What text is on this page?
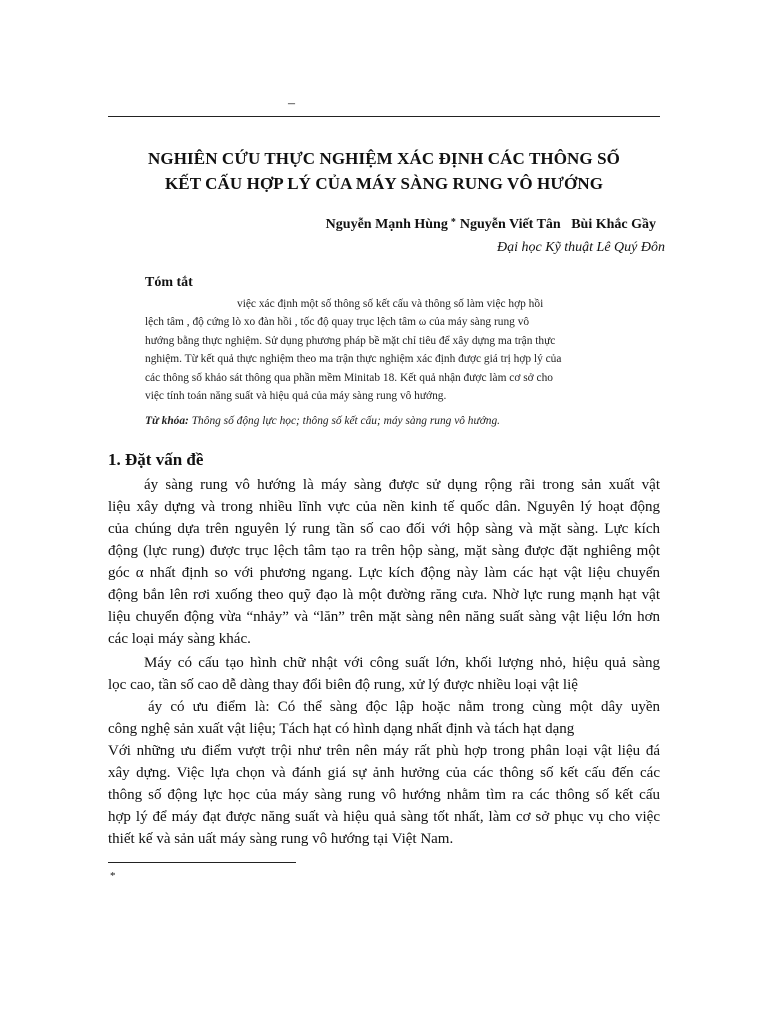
–
NGHIÊN CỨU THỰC NGHIỆM XÁC ĐỊNH CÁC THÔNG SỐ
KẾT CẤU HỢP LÝ CỦA MÁY SÀNG RUNG VÔ HƯỚNG

Nguyễn Mạnh Hùng * Nguyễn Viết Tân Bùi Khắc Gầy

Đại học Kỹ thuật Lê Quý Đôn

Tóm tắt

việc xác định một số thông số kết cấu và thông số làm việc hợp hồi
lệch tâm , độ cứng lò xo đàn hồi , tốc độ quay trục lệch tâm ω của máy sàng rung vô
hướng bằng thực nghiệm. Sử dụng phương pháp bề mặt chỉ tiêu để xây dựng ma trận thực
nghiệm. Từ kết quả thực nghiệm theo ma trận thực nghiệm xác định được giá trị hợp lý của
các thông số khảo sát thông qua phần mềm Minitab 18. Kết quả nhận được làm cơ sở cho
việc tính toán năng suất và hiệu quả của máy sàng rung vô hướng.

Từ khóa: Thông số động lực học; thông số kết cấu; máy sàng rung vô hướng.

1. Đặt vấn đề
áy sàng rung vô hướng là máy sàng được sử dụng rộng rãi trong sản xuất vật
liệu xây dựng và trong nhiều lĩnh vực của nền kinh tế quốc dân. Nguyên lý hoạt động
của chúng dựa trên nguyên lý rung tần số cao đối với hộp sàng và mặt sàng. Lực kích
động (lực rung) được trục lệch tâm tạo ra trên hộp sàng, mặt sàng được đặt nghiêng một
góc α nhất định so với phương ngang. Lực kích động này làm các hạt vật liệu chuyển
động bắn lên rơi xuống theo quỹ đạo là một đường răng cưa. Nhờ lực rung mạnh hạt vật
liệu chuyển động vừa “nhảy” và “lăn” trên mặt sàng nên năng suất sàng vật liệu lớn hơn
các loại máy sàng khác.
Máy có cấu tạo hình chữ nhật với công suất lớn, khối lượng nhỏ, hiệu quả sàng
lọc cao, tần số cao dễ dàng thay đổi biên độ rung, xử lý được nhiều loại vật liệ
áy có ưu điểm là: Có thể sàng độc lập hoặc nằm trong cùng một dây uyền
công nghệ sản xuất vật liệu; Tách hạt có hình dạng nhất định và tách hạt dạng
Với những ưu điểm vượt trội như trên nên máy rất phù hợp trong phân loại vật liệu đá
xây dựng. Việc lựa chọn và đánh giá sự ảnh hưởng của các thông số kết cấu đến các
thông số động lực học của máy sàng rung vô hướng nhằm tìm ra các thông số kết cấu
hợp lý để máy đạt được năng suất và hiệu quả sàng tốt nhất, làm cơ sở phục vụ cho việc
thiết kế và sản uất máy sàng rung vô hướng tại Việt Nam.
*
